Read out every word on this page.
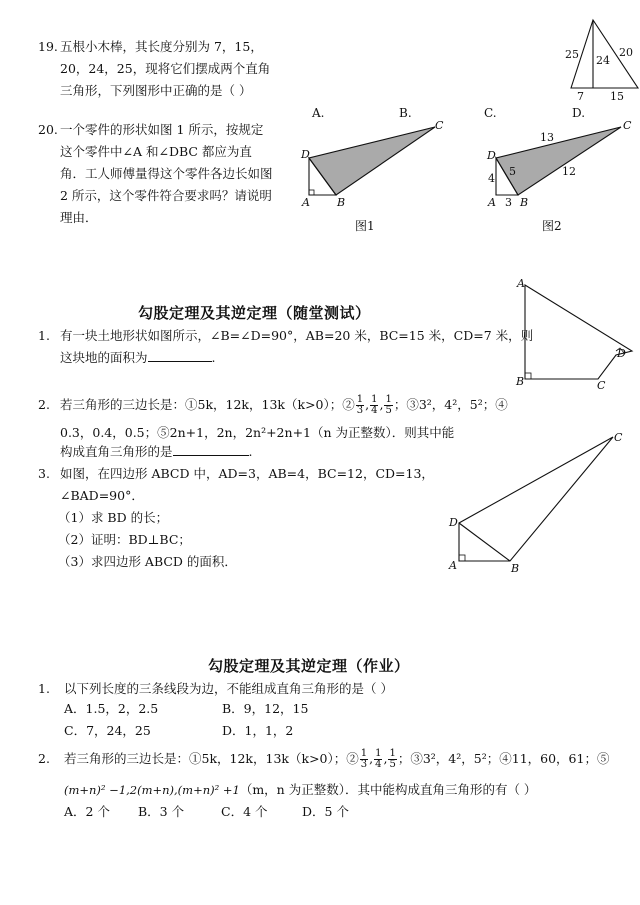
19. 五根小木棒，其长度分别为 7，15，
20，24，25，现将它们摆成两个直角
三角形，下列图形中正确的是（ ）
25 24
20
7 15
A.	B.	C.	D.
20. 一个零件的形状如图 1 所示，按规定
这个零件中∠A 和∠DBC 都应为直
角．工人师傅量得这个零件各边长如图
2 所示，这个零件符合要求吗？请说明
理由．
D
A B
C
D
A B
C
13
5	12
4
3
图1	图2
勾股定理及其逆定理（随堂测试）
1. 有一块土地形状如图所示，∠B=∠D=90°，AB=20 米，BC=15 米，CD=7 米，则
这块地的面积为	.
A
B	C
D
2. 若三角形的三边长是：①5k，12k，13k（k>0）；② $\frac{1}{3}$ , $\frac{1}{4}$ , $\frac{1}{5}$ ；③3²，4²，5²；④
0.3，0.4，0.5；⑤2n+1，2n，2n²+2n+1（n 为正整数）．则其中能
构成直角三角形的是	.
3. 如图，在四边形 ABCD 中，AD=3，AB=4，BC=12，CD=13，
∠BAD=90°．
（1）求 BD 的长；
（2）证明：BD⊥BC；
（3）求四边形 ABCD 的面积．
D
A	B
C
勾股定理及其逆定理（作业）
1. 以下列长度的三条线段为边，不能组成直角三角形的是（ ）
A．1.5，2，2.5	B．9，12，15
C．7，24，25	D．1，1，2
2. 若三角形的三边长是：①5k，12k，13k（k>0）；② $\frac{1}{3}$ , $\frac{1}{4}$ , $\frac{1}{5}$ ；③3²，4²，5²；④11，60，61；⑤
(m+n)² −1,2(m+n),(m+n)² +1（m，n 为正整数）．其中能构成直角三角形的有（ ）
A．2 个 B．3 个	C．4 个	D．5 个
